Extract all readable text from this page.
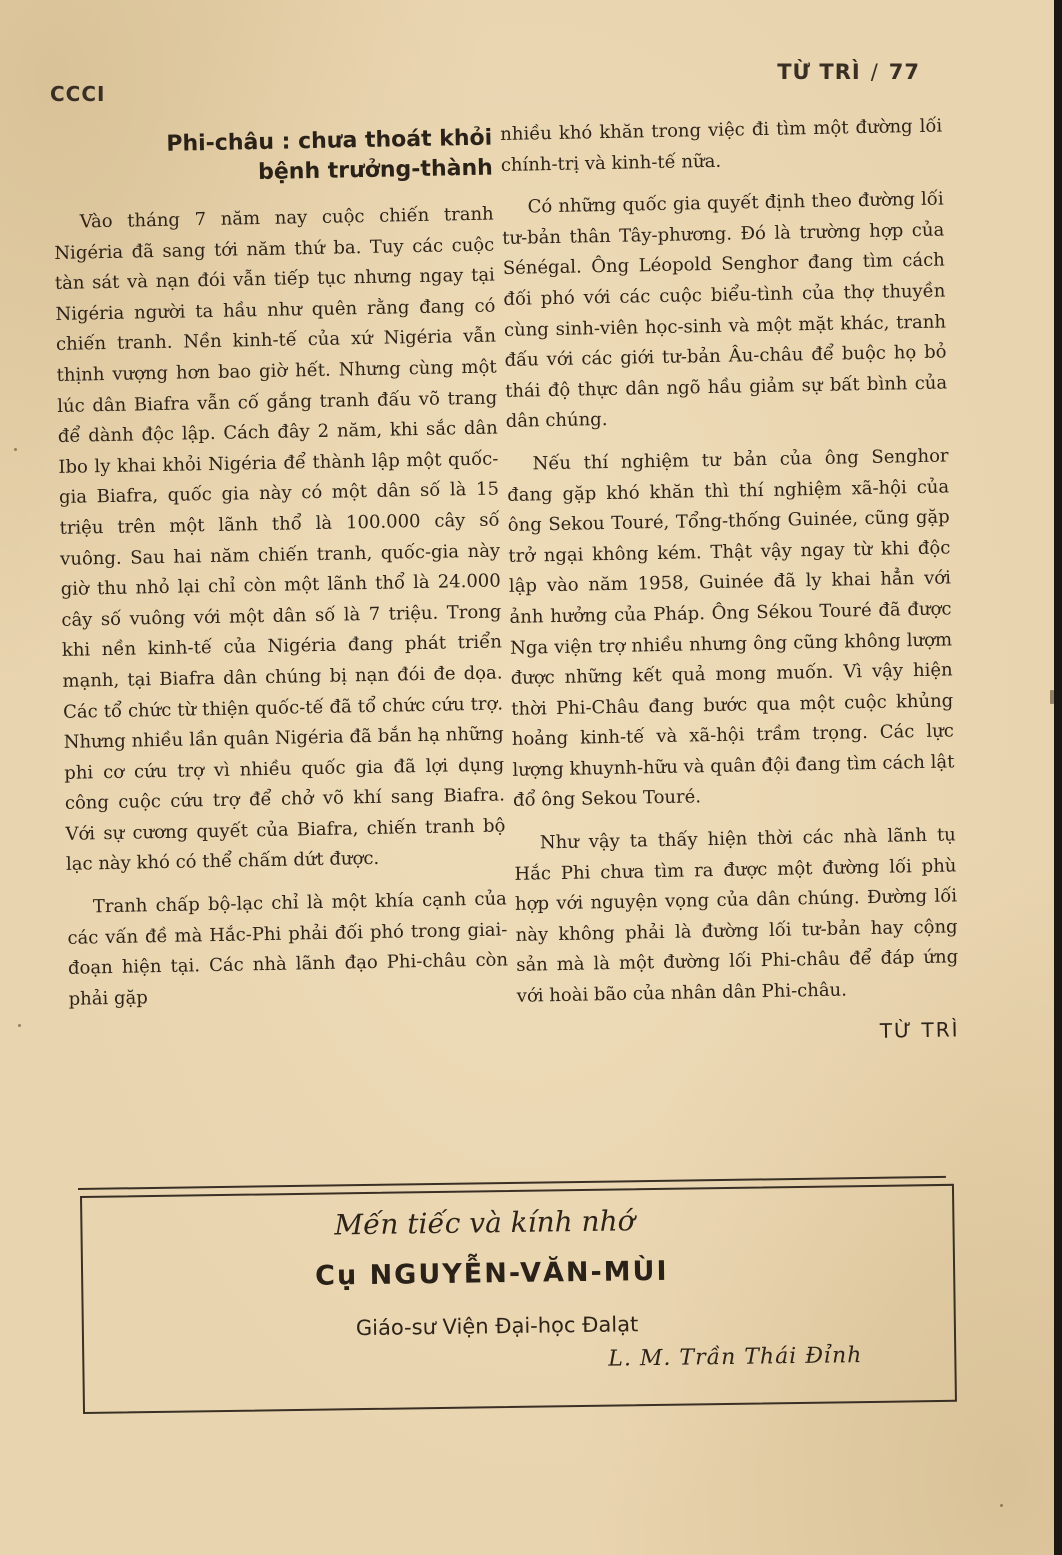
CCCI
TỪ TRÌ / 77
Phi-châu : chưa thoát khỏi
bệnh trưởng-thành

Vào tháng 7 năm nay cuộc chiến tranh Nigéria đã sang tới năm thứ ba. Tuy các cuộc tàn sát và nạn đói vẫn tiếp tục nhưng ngay tại Nigéria người ta hầu như quên rằng đang có chiến tranh. Nền kinh-tế của xứ Nigéria vẫn thịnh vượng hơn bao giờ hết. Nhưng cùng một lúc dân Biafra vẫn cố gắng tranh đấu võ trang để dành độc lập. Cách đây 2 năm, khi sắc dân Ibo ly khai khỏi Nigéria để thành lập một quốc-gia Biafra, quốc gia này có một dân số là 15 triệu trên một lãnh thổ là 100.000 cây số vuông. Sau hai năm chiến tranh, quốc-gia này giờ thu nhỏ lại chỉ còn một lãnh thổ là 24.000 cây số vuông với một dân số là 7 triệu. Trong khi nền kinh-tế của Nigéria đang phát triển mạnh, tại Biafra dân chúng bị nạn đói đe dọa. Các tổ chức từ thiện quốc-tế đã tổ chức cứu trợ. Nhưng nhiều lần quân Nigéria đã bắn hạ những phi cơ cứu trợ vì nhiều quốc gia đã lợi dụng công cuộc cứu trợ để chở võ khí sang Biafra. Với sự cương quyết của Biafra, chiến tranh bộ lạc này khó có thể chấm dứt được.

Tranh chấp bộ-lạc chỉ là một khía cạnh của các vấn đề mà Hắc-Phi phải đối phó trong giai-đoạn hiện tại. Các nhà lãnh đạo Phi-châu còn phải gặp

nhiều khó khăn trong việc đi tìm một đường lối chính-trị và kinh-tế nữa.

Có những quốc gia quyết định theo đường lối tư-bản thân Tây-phương. Đó là trường hợp của Sénégal. Ông Léopold Senghor đang tìm cách đối phó với các cuộc biểu-tình của thợ thuyền cùng sinh-viên học-sinh và một mặt khác, tranh đấu với các giới tư-bản Âu-châu để buộc họ bỏ thái độ thực dân ngõ hầu giảm sự bất bình của dân chúng.

Nếu thí nghiệm tư bản của ông Senghor đang gặp khó khăn thì thí nghiệm xã-hội của ông Sekou Touré, Tổng-thống Guinée, cũng gặp trở ngại không kém. Thật vậy ngay từ khi độc lập vào năm 1958, Guinée đã ly khai hẳn với ảnh hưởng của Pháp. Ông Sékou Touré đã được Nga viện trợ nhiều nhưng ông cũng không lượm được những kết quả mong muốn. Vì vậy hiện thời Phi-Châu đang bước qua một cuộc khủng hoảng kinh-tế và xã-hội trầm trọng. Các lực lượng khuynh-hữu và quân đội đang tìm cách lật đổ ông Sekou Touré.

Như vậy ta thấy hiện thời các nhà lãnh tụ Hắc Phi chưa tìm ra được một đường lối phù hợp với nguyện vọng của dân chúng. Đường lối này không phải là đường lối tư-bản hay cộng sản mà là một đường lối Phi-châu để đáp ứng với hoài bão của nhân dân Phi-châu.

TỪ TRÌ
Mến tiếc và kính nhớ
Cụ NGUYỄN-VĂN-MÙI
Giáo-sư Viện Đại-học Đalạt
L. M. Trần Thái Đỉnh
